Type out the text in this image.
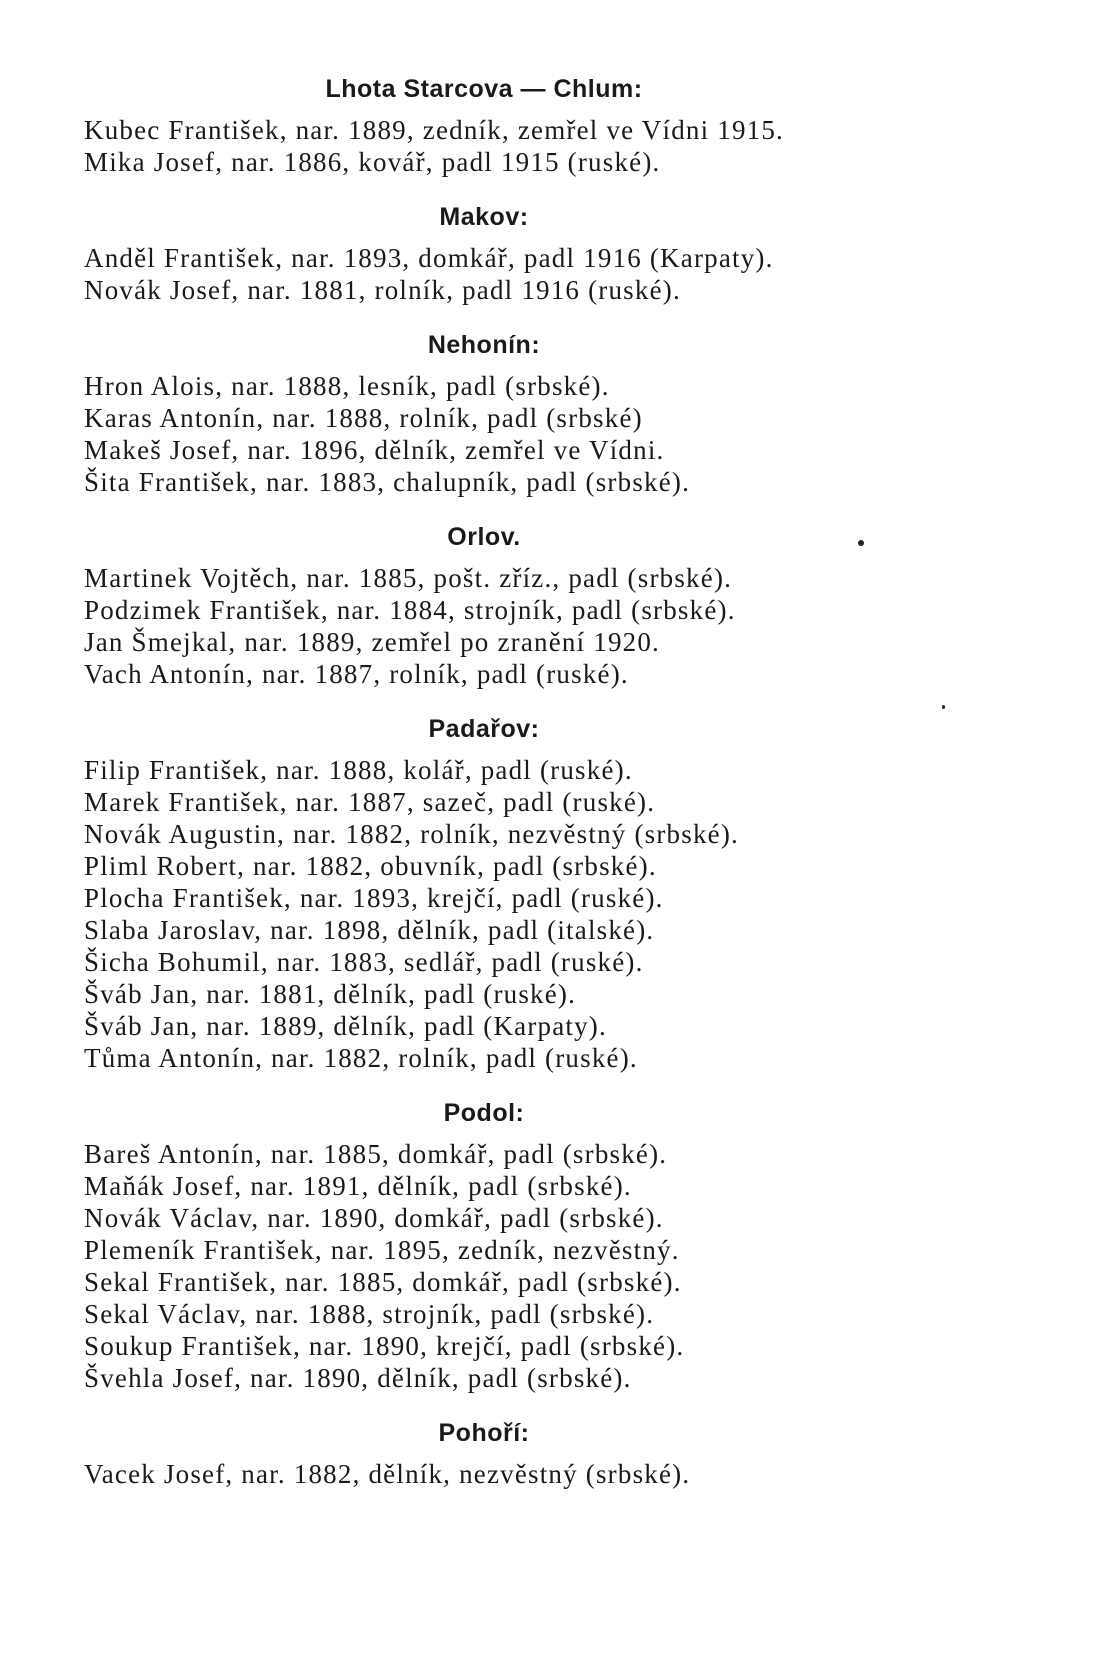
Lhota Starcova — Chlum:
Kubec František, nar. 1889, zedník, zemřel ve Vídni 1915.
Mika Josef, nar. 1886, kovář, padl 1915 (ruské).
Makov:
Anděl František, nar. 1893, domkář, padl 1916 (Karpaty).
Novák Josef, nar. 1881, rolník, padl 1916 (ruské).
Nehonín:
Hron Alois, nar. 1888, lesník, padl (srbské).
Karas Antonín, nar. 1888, rolník, padl (srbské)
Makeš Josef, nar. 1896, dělník, zemřel ve Vídni.
Šita František, nar. 1883, chalupník, padl (srbské).
Orlov.
Martinek Vojtěch, nar. 1885, pošt. zříz., padl (srbské).
Podzimek František, nar. 1884, strojník, padl (srbské).
Jan Šmejkal, nar. 1889, zemřel po zranění 1920.
Vach Antonín, nar. 1887, rolník, padl (ruské).
Padařov:
Filip František, nar. 1888, kolář, padl (ruské).
Marek František, nar. 1887, sazeč, padl (ruské).
Novák Augustin, nar. 1882, rolník, nezvěstný (srbské).
Pliml Robert, nar. 1882, obuvník, padl (srbské).
Plocha František, nar. 1893, krejčí, padl (ruské).
Slaba Jaroslav, nar. 1898, dělník, padl (italské).
Šicha Bohumil, nar. 1883, sedlář, padl (ruské).
Šváb Jan, nar. 1881, dělník, padl (ruské).
Šváb Jan, nar. 1889, dělník, padl (Karpaty).
Tůma Antonín, nar. 1882, rolník, padl (ruské).
Podol:
Bareš Antonín, nar. 1885, domkář, padl (srbské).
Maňák Josef, nar. 1891, dělník, padl (srbské).
Novák Václav, nar. 1890, domkář, padl (srbské).
Plemeník František, nar. 1895, zedník, nezvěstný.
Sekal František, nar. 1885, domkář, padl (srbské).
Sekal Václav, nar. 1888, strojník, padl (srbské).
Soukup František, nar. 1890, krejčí, padl (srbské).
Švehla Josef, nar. 1890, dělník, padl (srbské).
Pohoří:
Vacek Josef, nar. 1882, dělník, nezvěstný (srbské).
